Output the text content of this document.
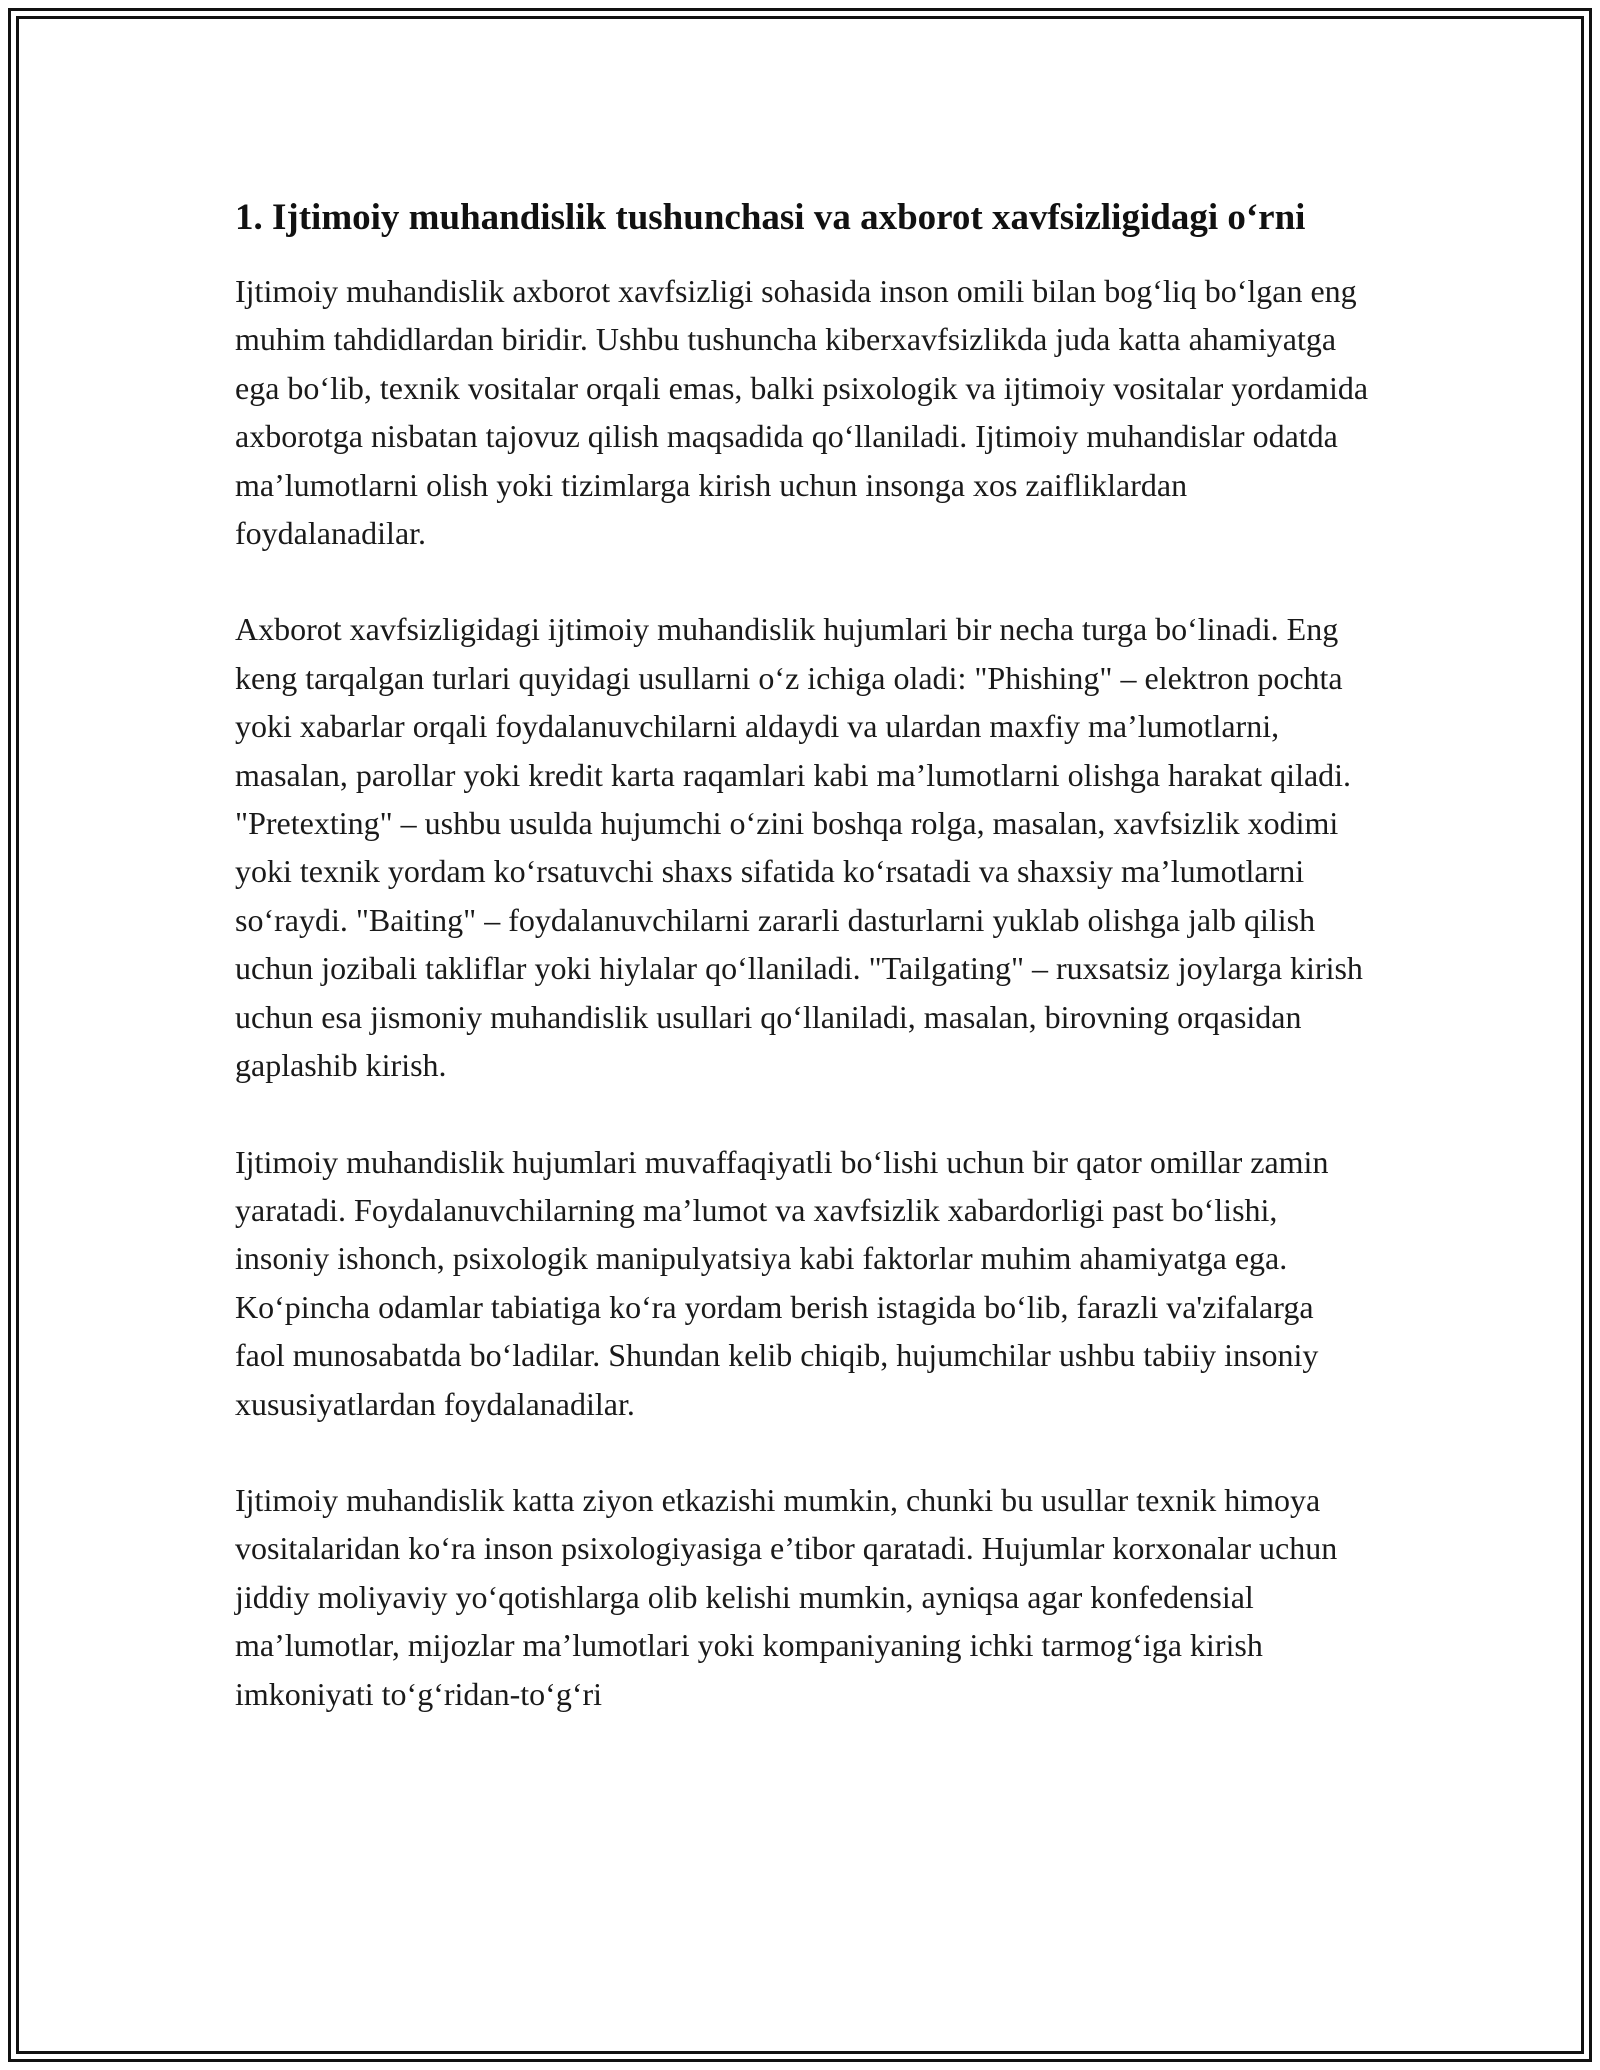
1. Ijtimoiy muhandislik tushunchasi va axborot xavfsizligidagi o‘rni

Ijtimoiy muhandislik axborot xavfsizligi sohasida inson omili bilan bog‘liq bo‘lgan eng muhim tahdidlardan biridir. Ushbu tushuncha kiberxavfsizlikda juda katta ahamiyatga ega bo‘lib, texnik vositalar orqali emas, balki psixologik va ijtimoiy vositalar yordamida axborotga nisbatan tajovuz qilish maqsadida qo‘llaniladi. Ijtimoiy muhandislar odatda ma’lumotlarni olish yoki tizimlarga kirish uchun insonga xos zaifliklardan foydalanadilar.

Axborot xavfsizligidagi ijtimoiy muhandislik hujumlari bir necha turga bo‘linadi. Eng keng tarqalgan turlari quyidagi usullarni o‘z ichiga oladi: "Phishing" – elektron pochta yoki xabarlar orqali foydalanuvchilarni aldaydi va ulardan maxfiy ma’lumotlarni, masalan, parollar yoki kredit karta raqamlari kabi ma’lumotlarni olishga harakat qiladi. "Pretexting" – ushbu usulda hujumchi o‘zini boshqa rolga, masalan, xavfsizlik xodimi yoki texnik yordam ko‘rsatuvchi shaxs sifatida ko‘rsatadi va shaxsiy ma’lumotlarni so‘raydi. "Baiting" – foydalanuvchilarni zararli dasturlarni yuklab olishga jalb qilish uchun jozibali takliflar yoki hiylalar qo‘llaniladi. "Tailgating" – ruxsatsiz joylarga kirish uchun esa jismoniy muhandislik usullari qo‘llaniladi, masalan, birovning orqasidan gaplashib kirish.

Ijtimoiy muhandislik hujumlari muvaffaqiyatli bo‘lishi uchun bir qator omillar zamin yaratadi. Foydalanuvchilarning ma’lumot va xavfsizlik xabardorligi past bo‘lishi, insoniy ishonch, psixologik manipulyatsiya kabi faktorlar muhim ahamiyatga ega. Ko‘pincha odamlar tabiatiga ko‘ra yordam berish istagida bo‘lib, farazli va'zifalarga faol munosabatda bo‘ladilar. Shundan kelib chiqib, hujumchilar ushbu tabiiy insoniy xususiyatlardan foydalanadilar.

Ijtimoiy muhandislik katta ziyon etkazishi mumkin, chunki bu usullar texnik himoya vositalaridan ko‘ra inson psixologiyasiga e’tibor qaratadi. Hujumlar korxonalar uchun jiddiy moliyaviy yo‘qotishlarga olib kelishi mumkin, ayniqsa agar konfedensial ma’lumotlar, mijozlar ma’lumotlari yoki kompaniyaning ichki tarmog‘iga kirish imkoniyati to‘g‘ridan-to‘g‘ri
